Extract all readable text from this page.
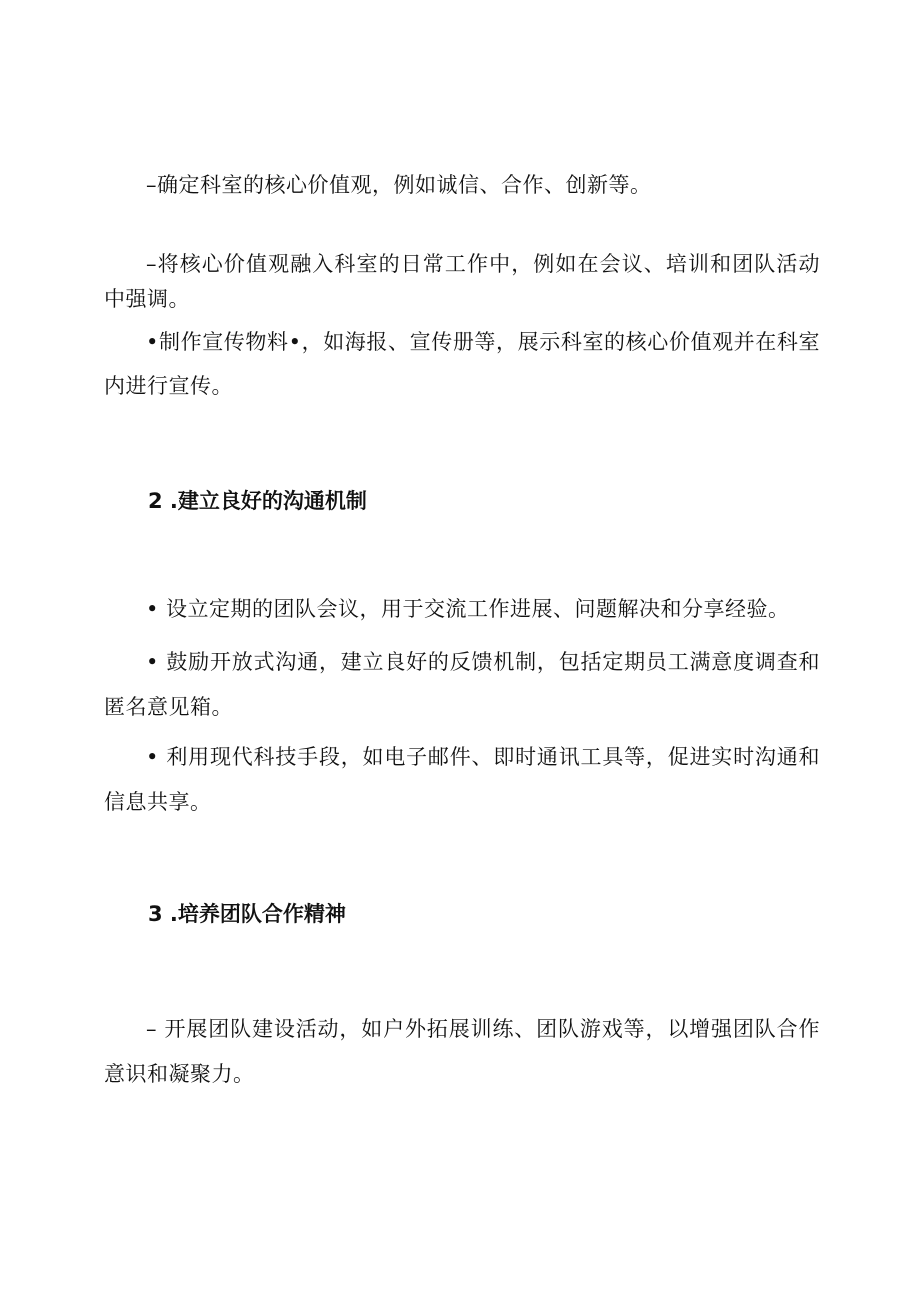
–确定科室的核心价值观，例如诚信、合作、创新等。

–将核心价值观融入科室的日常工作中，例如在会议、培训和团队活动中强调。

•制作宣传物料•，如海报、宣传册等，展示科室的核心价值观并在科室内进行宣传。

2 .建立良好的沟通机制

• 设立定期的团队会议，用于交流工作进展、问题解决和分享经验。

• 鼓励开放式沟通，建立良好的反馈机制，包括定期员工满意度调查和匿名意见箱。

• 利用现代科技手段，如电子邮件、即时通讯工具等，促进实时沟通和信息共享。

3 .培养团队合作精神

– 开展团队建设活动，如户外拓展训练、团队游戏等，以增强团队合作意识和凝聚力。
